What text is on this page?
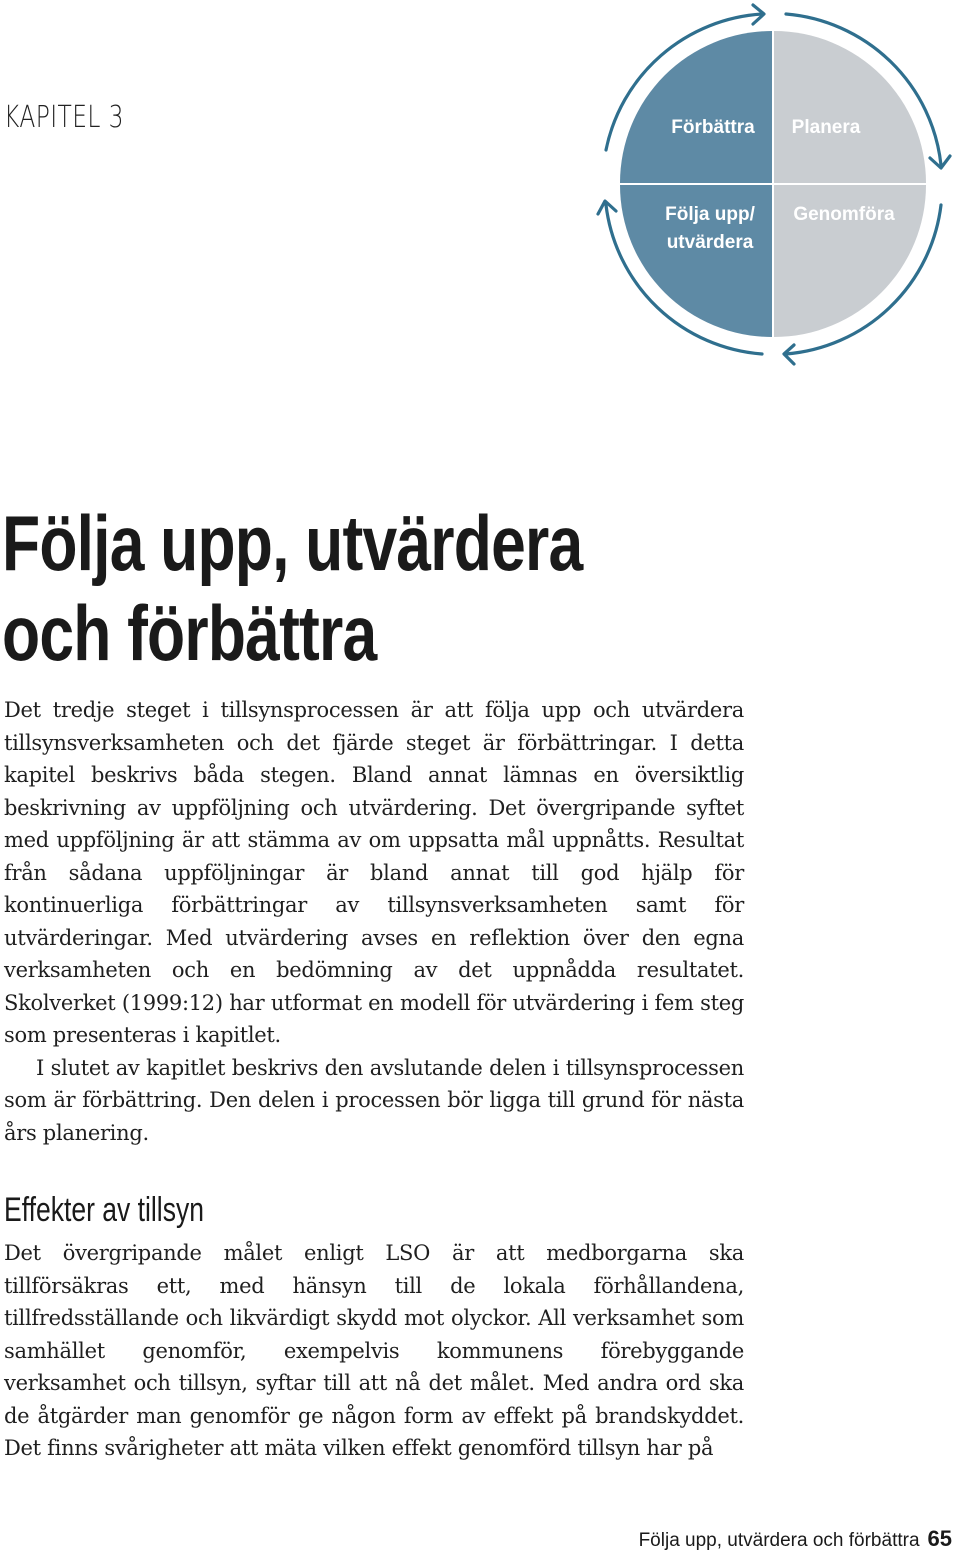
KAPITEL 3	Förbättra Planera
Genomföra
Följa upp/
utvärdera
Följa upp, utvärdera
och förbättra

Det tredje steget i tillsynsprocessen är att följa upp och utvärdera tillsynsverksamheten och det fjärde steget är förbättringar. I detta kapitel beskrivs båda stegen. Bland annat lämnas en översiktlig beskrivning av uppföljning och utvärdering. Det övergripande syftet med uppföljning är att stämma av om uppsatta mål uppnåtts. Resultat från sådana uppföljningar är bland annat till god hjälp för kontinuerliga förbättringar av tillsynsverksamheten samt för utvärderingar. Med utvärdering avses en reflektion över den egna verksamheten och en bedömning av det uppnådda resultatet. Skolverket (1999:12) har utformat en modell för utvärdering i fem steg som presenteras i kapitlet.

I slutet av kapitlet beskrivs den avslutande delen i tillsynsprocessen som är förbättring. Den delen i processen bör ligga till grund för nästa års planering.

Effekter av tillsyn

Det övergripande målet enligt LSO är att medborgarna ska tillförsäkras ett, med hänsyn till de lokala förhållandena, tillfredsställande och likvärdigt skydd mot olyckor. All verksamhet som samhället genomför, exempelvis kommunens förebyggande verksamhet och tillsyn, syftar till att nå det målet. Med andra ord ska de åtgärder man genomför ge någon form av effekt på brandskyddet. Det finns svårigheter att mäta vilken effekt genomförd tillsyn har på

Följa upp, utvärdera och förbättra 65
